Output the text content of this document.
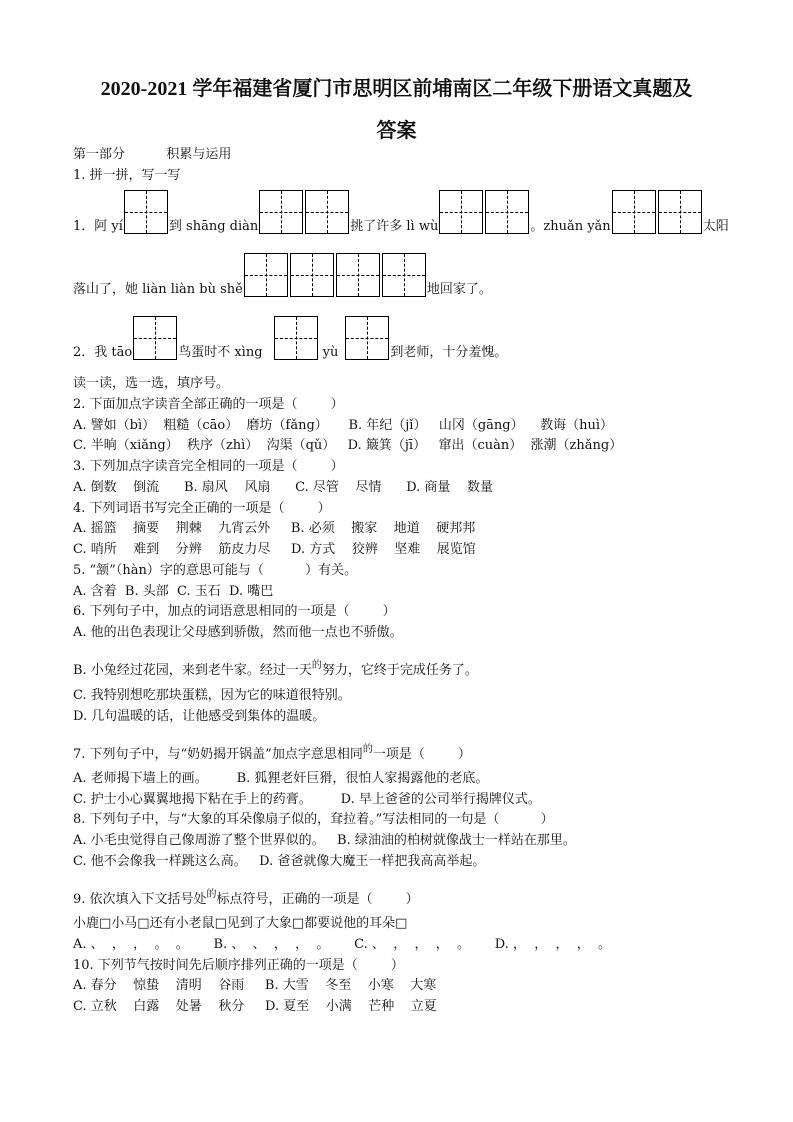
2020-2021 学年福建省厦门市思明区前埔南区二年级下册语文真题及
答案
第一部分          积累与运用
1. 拼一拼，写一写
1．阿 yí	到 shāng diàn	挑了许多 lì wù	。zhuǎn yǎn	太阳
落山了，她 liàn liàn bù shě	地回家了。
2．我 tāo	鸟蛋时不 xìng	yù	到老师，十分羞愧。
读一读，选一选，填序号。
2. 下面加点字读音全部正确的一项是（        ）
A. 譬如（bì）  粗糙（cāo）  磨坊（fǎng）     B. 年纪（jǐ）   山冈（gāng）    教诲（huì）
C. 半晌（xiǎng）  秩序（zhì）  沟渠（qǔ）   D. 簸箕（jī）   窜出（cuàn）  涨潮（zhǎng）
3. 下列加点字读音完全相同的一项是（        ）
A. 倒数    倒流      B. 扇风    风扇      C. 尽管    尽情      D. 商量    数量
4. 下列词语书写完全正确的一项是（        ）
A. 摇篮    摘要    荆棘    九宵云外     B. 必须    搬家    地道    硬邦邦
C. 哨所    难到    分辨    筋皮力尽     D. 方式    狡辨    坚难    展览馆
5. “颔”（hàn）字的意思可能与（          ）有关。
A. 含着  B. 头部  C. 玉石  D. 嘴巴
6. 下列句子中，加点的词语意思相同的一项是（        ）
A. 他的出色表现让父母感到骄傲，然而他一点也不骄傲。
B. 小兔经过花园，来到老牛家。经过一天$^的$努力，它终于完成任务了。
C. 我特别想吃那块蛋糕，因为它的味道很特别。
D. 几句温暖的话，让他感受到集体的温暖。
7. 下列句子中，与“奶奶揭开锅盖”加点字意思相同$^的$一项是（        ）
A. 老师揭下墙上的画。       B. 狐狸老奸巨猾，很怕人家揭露他的老底。
C. 护士小心翼翼地揭下粘在手上的药膏。       D. 早上爸爸的公司举行揭牌仪式。
8. 下列句子中，与“大象的耳朵像扇子似的，耷拉着。”写法相同的一句是（          ）
A. 小毛虫觉得自己像周游了整个世界似的。   B. 绿油油的柏树就像战士一样站在那里。
C. 他不会像我一样跳这么高。   D. 爸爸就像大魔王一样把我高高举起。
9. 依次填入下文括号处$^的$标点符号，正确的一项是（        ）
小鹿□小马□还有小老鼠□见到了大象□都要说他的耳朵□
A. 、  ，  ，  。  。      B. 、  、  ，  ，  。      C. 、  ，  ，  ，  。      D. ，  ，  ，  ，  。
10. 下列节气按时间先后顺序排列正确的一项是（        ）
A. 春分    惊蛰    清明    谷雨     B. 大雪    冬至    小寒    大寒
C. 立秋    白露    处暑    秋分     D. 夏至    小满    芒种    立夏
